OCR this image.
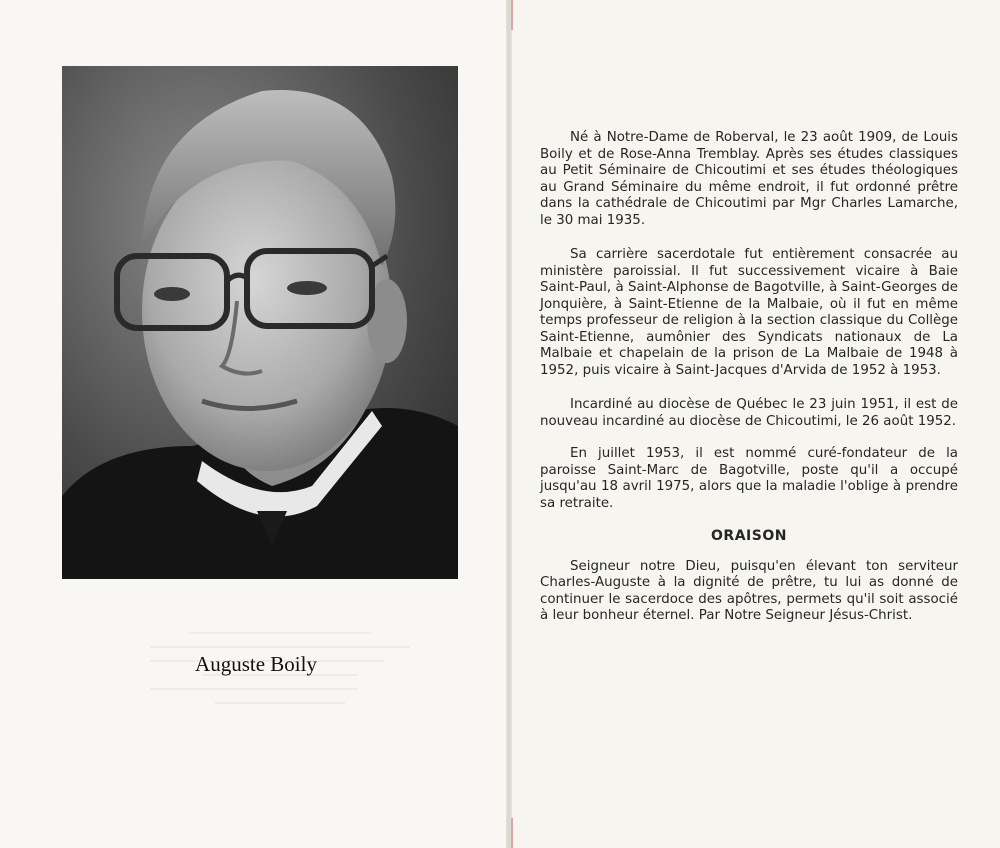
Auguste Boily

Né à Notre-Dame de Roberval, le 23 août 1909, de Louis Boily et de Rose-Anna Tremblay. Après ses études classiques au Petit Séminaire de Chicoutimi et ses études théologiques au Grand Séminaire du même endroit, il fut ordonné prêtre dans la cathédrale de Chicoutimi par Mgr Charles Lamarche, le 30 mai 1935.

Sa carrière sacerdotale fut entièrement consacrée au ministère paroissial. Il fut successivement vicaire à Baie Saint-Paul, à Saint-Alphonse de Bagotville, à Saint-Georges de Jonquière, à Saint-Etienne de la Malbaie, où il fut en même temps professeur de religion à la section classique du Collège Saint-Etienne, aumônier des Syndicats nationaux de La Malbaie et chapelain de la prison de La Malbaie de 1948 à 1952, puis vicaire à Saint-Jacques d'Arvida de 1952 à 1953.

Incardiné au diocèse de Québec le 23 juin 1951, il est de nouveau incardiné au diocèse de Chicoutimi, le 26 août 1952.

En juillet 1953, il est nommé curé-fondateur de la paroisse Saint-Marc de Bagotville, poste qu'il a occupé jusqu'au 18 avril 1975, alors que la maladie l'oblige à prendre sa retraite.

ORAISON

Seigneur notre Dieu, puisqu'en élevant ton serviteur Charles-Auguste à la dignité de prêtre, tu lui as donné de continuer le sacerdoce des apôtres, permets qu'il soit associé à leur bonheur éternel. Par Notre Seigneur Jésus-Christ.
